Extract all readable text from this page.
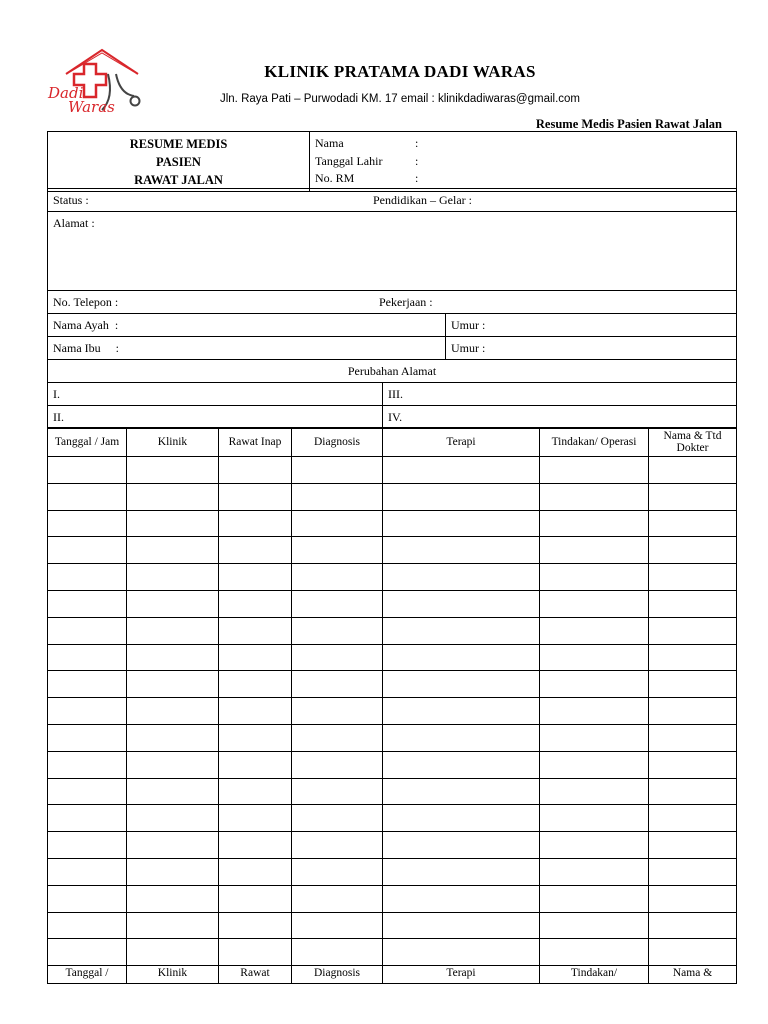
Dadi
Waras
KLINIK PRATAMA DADI WARAS
Jln. Raya Pati – Purwodadi KM. 17 email : klinikdadiwaras@gmail.com
Resume Medis Pasien Rawat Jalan
RESUME MEDIS
PASIEN
RAWAT JALAN

Nama	:
Tanggal Lahir	:
No. RM	:
Status : Pendidikan – Gelar :		

Alamat :		
No. Telepon : Pekerjaan :		

Nama Ayah  :		Umur :
Nama Ibu     :		Umur :
Perubahan Alamat		
I.	III.	
II.	IV.	
Tanggal / Jam	Klinik	Rawat Inap	Diagnosis	Terapi	Tindakan/ Operasi	Nama & Ttd Dokter

Tanggal /	Klinik	Rawat	Diagnosis	Terapi	Tindakan/	Nama &
